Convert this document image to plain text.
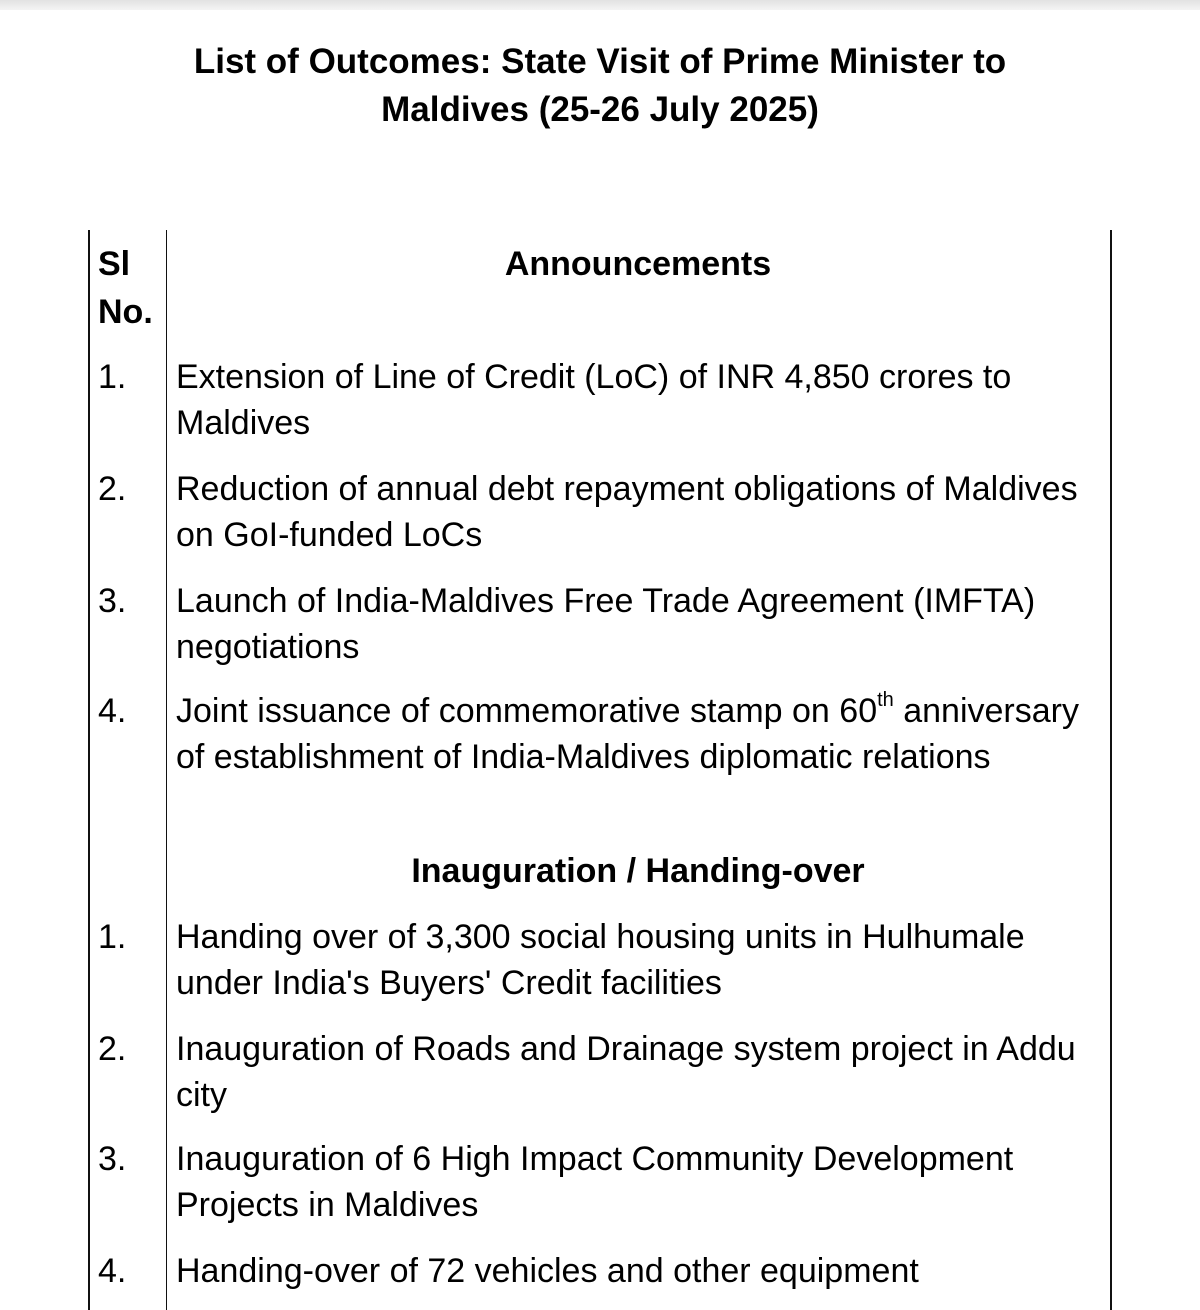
List of Outcomes: State Visit of Prime Minister to
Maldives (25-26 July 2025)
Sl
No.
Announcements
1.	Extension of Line of Credit (LoC) of INR 4,850 crores to Maldives
2.	Reduction of annual debt repayment obligations of Maldives on GoI-funded LoCs
3.	Launch of India-Maldives Free Trade Agreement (IMFTA) negotiations
4.	Joint issuance of commemorative stamp on 60th anniversary of establishment of India-Maldives diplomatic relations
Inauguration / Handing-over
1.	Handing over of 3,300 social housing units in Hulhumale under India's Buyers' Credit facilities
2.	Inauguration of Roads and Drainage system project in Addu city
3.	Inauguration of 6 High Impact Community Development Projects in Maldives
4.	Handing-over of 72 vehicles and other equipment
